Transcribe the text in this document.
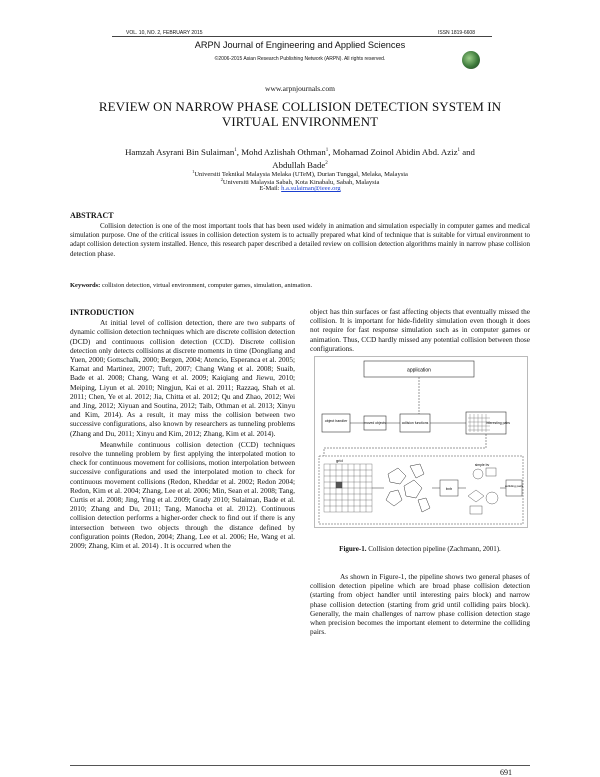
VOL. 10, NO. 2, FEBRUARY 2015	ISSN 1819-6608
ARPN Journal of Engineering and Applied Sciences
©2006-2015 Asian Research Publishing Network (ARPN). All rights reserved.
www.arpnjournals.com
REVIEW ON NARROW PHASE COLLISION DETECTION SYSTEM IN VIRTUAL ENVIRONMENT
Hamzah Asyrani Bin Sulaiman$^1$, Mohd Azlishah Othman$^1$, Mohamad Zoinol Abidin Abd. Aziz$^1$ and
Abdullah Bade$^2$
$^1$Universiti Teknikal Malaysia Melaka (UTeM), Durian Tunggal, Melaka, Malaysia
$^2$Universiti Malaysia Sabah, Kota Kinabalu, Sabah, Malaysia
E-Mail: h.a.sulaiman@ieee.org
ABSTRACT

Collision detection is one of the most important tools that has been used widely in animation and simulation especially in computer games and medical simulation purpose. One of the critical issues in collision detection system is to actually prepared what kind of technique that is suitable for virtual environment to adapt collision detection system installed. Hence, this research paper described a detailed review on collision detection algorithms mainly in narrow phase collision detection phase.

Keywords: collision detection, virtual environment, computer games, simulation, animation.
INTRODUCTION

At initial level of collision detection, there are two subparts of dynamic collision detection techniques which are discrete collision detection (DCD) and continuous collision detection (CCD). Discrete collision detection only detects collisions at discrete moments in time (Dongliang and Yuen, 2000; Gottschalk, 2000; Bergen, 2004; Atencio, Esperanca et al. 2005; Kamat and Martinez, 2007; Tuft, 2007; Chang Wang et al. 2008; Suaib, Bade et al. 2008; Chang, Wang et al. 2009; Kaiqiang and Jiewu, 2010; Meiping, Liyun et al. 2010; Ningjun, Kai et al. 2011; Razzaq, Shah et al. 2011; Chen, Ye et al. 2012; Jia, Chitta et al. 2012; Qu and Zhao, 2012; Wei and Jing, 2012; Xiyuan and Soutina, 2012; Taib, Othman et al. 2013; Xinyu and Kim, 2014). As a result, it may miss the collision between two successive configurations, also known by researchers as tunneling problems (Zhang and Du, 2011; Xinyu and Kim, 2012; Zhang, Kim et al. 2014).

Meanwhile continuous collision detection (CCD) techniques resolve the tunneling problem by first applying the interpolated motion to check for continuous movement for collisions, motion interpolation between successive configurations and used the interpolated motion to check for continuous movement collisions (Redon, Kheddar et al. 2002; Redon 2004; Redon, Kim et al. 2004; Zhang, Lee et al. 2006; Min, Sean et al. 2008; Tang, Curtis et al. 2008; Jing, Ying et al. 2009; Grady 2010; Sulaiman, Bade et al. 2010; Zhang and Du, 2011; Tang, Manocha et al. 2012). Continuous collision detection performs a higher-order check to find out if there is any intersection between two objects through the distance defined by configuration points (Redon, 2004; Zhang, Lee et al. 2006; He, Wang et al. 2009; Zhang, Kim et al. 2014) . It is occurred when the

object has thin surfaces or fast affecting objects that eventually missed the collision. It is important for hide-fidelity simulation even though it does not require for fast response simulation such as in computer games or animation. Thus, CCD hardly missed any potential collision between those configurations.

application
object handler	moved objects	collision functions	interesting pairs
grid
bvh
simple bv
colliding pairs
Figure-1. Collision detection pipeline (Zachmann, 2001).

As shown in Figure-1, the pipeline shows two general phases of collision detection pipeline which are broad phase collision detection (starting from object handler until interesting pairs block) and narrow phase collision detection (starting from grid until colliding pairs block). Generally, the main challenges of narrow phase collision detection stage when precision becomes the important element to determine the colliding pairs.

691
